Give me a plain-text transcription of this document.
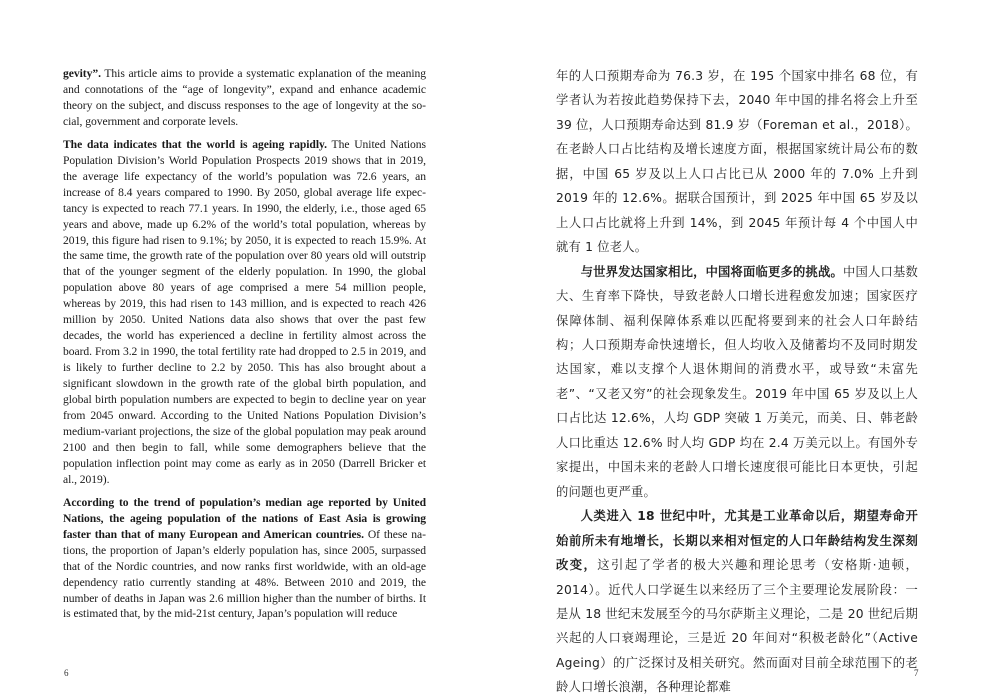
gevity”. This article aims to provide a systematic explanation of the meaning and connotations of the “age of longevity”, expand and enhance academic theory on the subject, and discuss responses to the age of longevity at the social, government and corporate levels.

The data indicates that the world is ageing rapidly. The United Nations Population Division’s World Population Prospects 2019 shows that in 2019, the average life expectancy of the world’s population was 72.6 years, an increase of 8.4 years compared to 1990. By 2050, global average life expectancy is expected to reach 77.1 years. In 1990, the elderly, i.e., those aged 65 years and above, made up 6.2% of the world’s total population, whereas by 2019, this figure had risen to 9.1%; by 2050, it is expected to reach 15.9%. At the same time, the growth rate of the population over 80 years old will outstrip that of the younger segment of the elderly population. In 1990, the global population above 80 years of age comprised a mere 54 million people, whereas by 2019, this had risen to 143 million, and is expected to reach 426 million by 2050. United Nations data also shows that over the past few decades, the world has experienced a decline in fertility almost across the board. From 3.2 in 1990, the total fertility rate had dropped to 2.5 in 2019, and is likely to further decline to 2.2 by 2050. This has also brought about a significant slowdown in the growth rate of the global birth population, and global birth population numbers are expected to begin to decline year on year from 2045 onward. According to the United Nations Population Division’s medium-variant projections, the size of the global population may peak around 2100 and then begin to fall, while some demographers believe that the population inflection point may come as early as in 2050 (Darrell Bricker et al., 2019).

According to the trend of population’s median age reported by United Nations, the ageing population of the nations of East Asia is growing faster than that of many European and American countries. Of these nations, the proportion of Japan’s elderly population has, since 2005, surpassed that of the Nordic countries, and now ranks first worldwide, with an old-age dependency ratio currently standing at 48%. Between 2010 and 2019, the number of deaths in Japan was 2.6 million higher than the number of births. It is estimated that, by the mid-21st century, Japan’s population will reduce

6

年的人口预期寿命为 76.3 岁，在 195 个国家中排名 68 位，有学者认为若按此趋势保持下去，2040 年中国的排名将会上升至 39 位，人口预期寿命达到 81.9 岁（Foreman et al.，2018）。在老龄人口占比结构及增长速度方面，根据国家统计局公布的数据，中国 65 岁及以上人口占比已从 2000 年的 7.0% 上升到 2019 年的 12.6%。据联合国预计，到 2025 年中国 65 岁及以上人口占比就将上升到 14%，到 2045 年预计每 4 个中国人中就有 1 位老人。

与世界发达国家相比，中国将面临更多的挑战。中国人口基数大、生育率下降快，导致老龄人口增长进程愈发加速；国家医疗保障体制、福利保障体系难以匹配将要到来的社会人口年龄结构；人口预期寿命快速增长，但人均收入及储蓄均不及同时期发达国家，难以支撑个人退休期间的消费水平，或导致“未富先老”、“又老又穷”的社会现象发生。2019 年中国 65 岁及以上人口占比达 12.6%，人均 GDP 突破 1 万美元，而美、日、韩老龄人口比重达 12.6% 时人均 GDP 均在 2.4 万美元以上。有国外专家提出，中国未来的老龄人口增长速度很可能比日本更快，引起的问题也更严重。

人类进入 18 世纪中叶，尤其是工业革命以后，期望寿命开始前所未有地增长，长期以来相对恒定的人口年龄结构发生深刻改变，这引起了学者的极大兴趣和理论思考（安格斯·迪顿，2014）。近代人口学诞生以来经历了三个主要理论发展阶段：一是从 18 世纪末发展至今的马尔萨斯主义理论，二是 20 世纪后期兴起的人口衰竭理论，三是近 20 年间对“积极老龄化”（Active Ageing）的广泛探讨及相关研究。然而面对目前全球范围下的老龄人口增长浪潮，各种理论都难

7
